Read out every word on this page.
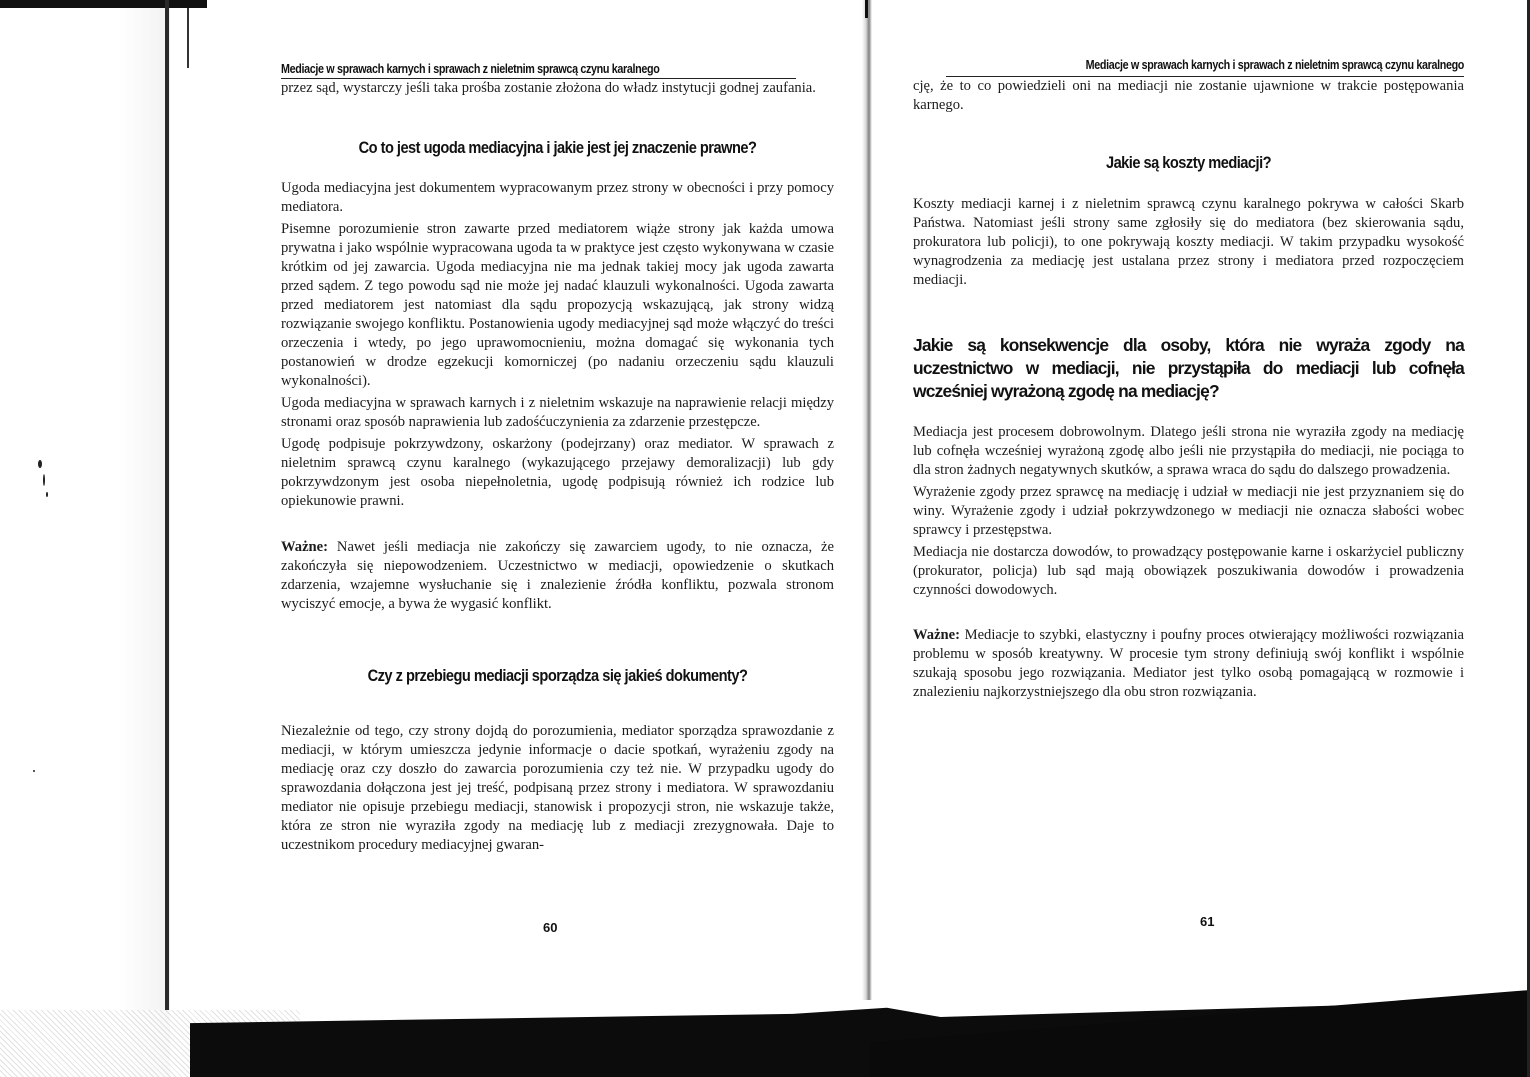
Mediacje w sprawach karnych i sprawach z nieletnim sprawcą czynu karalnego

przez sąd, wystarczy jeśli taka prośba zostanie złożona do władz instytucji godnej zaufania.

Co to jest ugoda mediacyjna i jakie jest jej znaczenie prawne?

Ugoda mediacyjna jest dokumentem wypracowanym przez strony w obecności i przy pomocy mediatora.

Pisemne porozumienie stron zawarte przed mediatorem wiąże strony jak każda umowa prywatna i jako wspólnie wypracowana ugoda ta w praktyce jest często wykonywana w czasie krótkim od jej zawarcia. Ugoda mediacyjna nie ma jednak takiej mocy jak ugoda zawarta przed sądem. Z tego powodu sąd nie może jej nadać klauzuli wykonalności. Ugoda zawarta przed mediatorem jest natomiast dla sądu propozycją wskazującą, jak strony widzą rozwiązanie swojego konfliktu. Postanowienia ugody mediacyjnej sąd może włączyć do treści orzeczenia i wtedy, po jego uprawomocnieniu, można domagać się wykonania tych postanowień w drodze egzekucji komorniczej (po nadaniu orzeczeniu sądu klauzuli wykonalności).

Ugoda mediacyjna w sprawach karnych i z nieletnim wskazuje na naprawienie relacji między stronami oraz sposób naprawienia lub zadośćuczynienia za zdarzenie przestępcze.

Ugodę podpisuje pokrzywdzony, oskarżony (podejrzany) oraz mediator. W sprawach z nieletnim sprawcą czynu karalnego (wykazującego przejawy demoralizacji) lub gdy pokrzywdzonym jest osoba niepełnoletnia, ugodę podpisują również ich rodzice lub opiekunowie prawni.

Ważne: Nawet jeśli mediacja nie zakończy się zawarciem ugody, to nie oznacza, że zakończyła się niepowodzeniem. Uczestnictwo w mediacji, opowiedzenie o skutkach zdarzenia, wzajemne wysłuchanie się i znalezienie źródła konfliktu, pozwala stronom wyciszyć emocje, a bywa że wygasić konflikt.

Czy z przebiegu mediacji sporządza się jakieś dokumenty?

Niezależnie od tego, czy strony dojdą do porozumienia, mediator sporządza sprawozdanie z mediacji, w którym umieszcza jedynie informacje o dacie spotkań, wyrażeniu zgody na mediację oraz czy doszło do zawarcia porozumienia czy też nie. W przypadku ugody do sprawozdania dołączona jest jej treść, podpisaną przez strony i mediatora. W sprawozdaniu mediator nie opisuje przebiegu mediacji, stanowisk i propozycji stron, nie wskazuje także, która ze stron nie wyraziła zgody na mediację lub z mediacji zrezygnowała. Daje to uczestnikom procedury mediacyjnej gwaran-

60
Mediacje w sprawach karnych i sprawach z nieletnim sprawcą czynu karalnego

cję, że to co powiedzieli oni na mediacji nie zostanie ujawnione w trakcie postępowania karnego.

Jakie są koszty mediacji?

Koszty mediacji karnej i z nieletnim sprawcą czynu karalnego pokrywa w całości Skarb Państwa. Natomiast jeśli strony same zgłosiły się do mediatora (bez skierowania sądu, prokuratora lub policji), to one pokrywają koszty mediacji. W takim przypadku wysokość wynagrodzenia za mediację jest ustalana przez strony i mediatora przed rozpoczęciem mediacji.

Jakie są konsekwencje dla osoby, która nie wyraża zgody na uczestnictwo w mediacji, nie przystąpiła do mediacji lub cofnęła wcześniej wyrażoną zgodę na mediację?

Mediacja jest procesem dobrowolnym. Dlatego jeśli strona nie wyraziła zgody na mediację lub cofnęła wcześniej wyrażoną zgodę albo jeśli nie przystąpiła do mediacji, nie pociąga to dla stron żadnych negatywnych skutków, a sprawa wraca do sądu do dalszego prowadzenia.

Wyrażenie zgody przez sprawcę na mediację i udział w mediacji nie jest przyznaniem się do winy. Wyrażenie zgody i udział pokrzywdzonego w mediacji nie oznacza słabości wobec sprawcy i przestępstwa.

Mediacja nie dostarcza dowodów, to prowadzący postępowanie karne i oskarżyciel publiczny (prokurator, policja) lub sąd mają obowiązek poszukiwania dowodów i prowadzenia czynności dowodowych.

Ważne: Mediacje to szybki, elastyczny i poufny proces otwierający możliwości rozwiązania problemu w sposób kreatywny. W procesie tym strony definiują swój konflikt i wspólnie szukają sposobu jego rozwiązania. Mediator jest tylko osobą pomagającą w rozmowie i znalezieniu najkorzystniejszego dla obu stron rozwiązania.

61
